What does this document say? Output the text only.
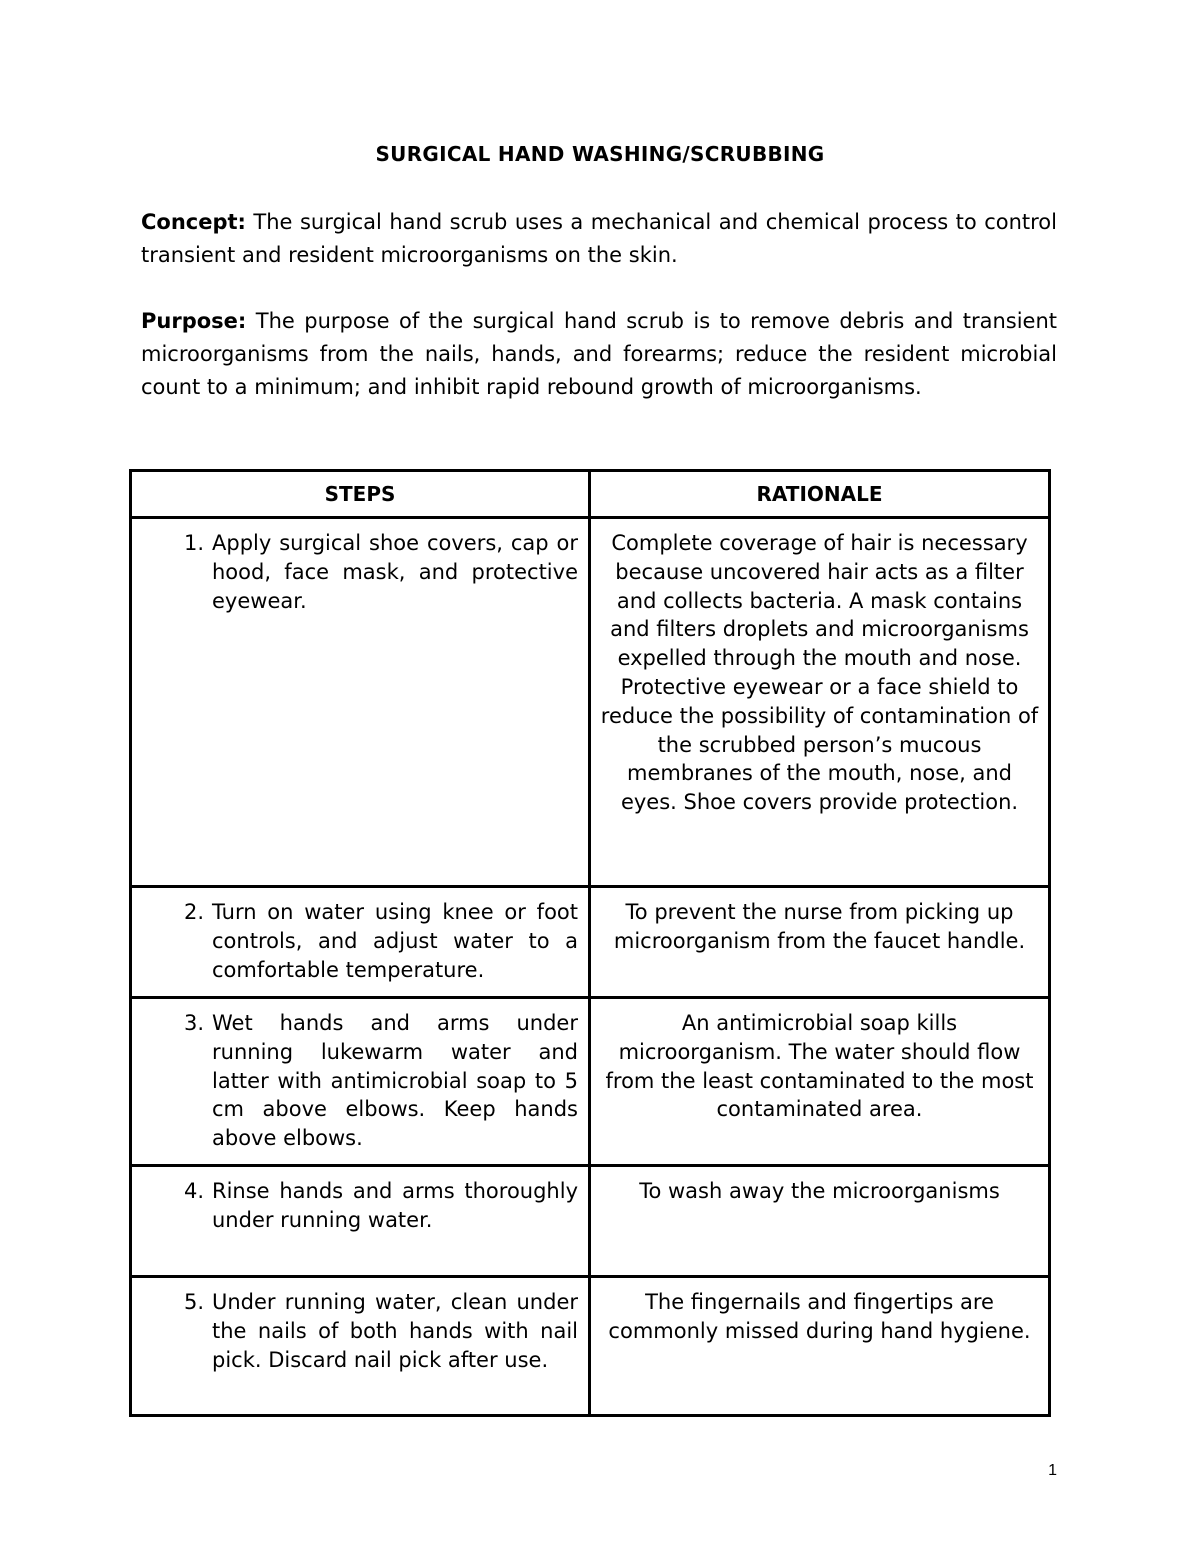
SURGICAL HAND WASHING/SCRUBBING
Concept: The surgical hand scrub uses a mechanical and chemical process to control transient and resident microorganisms on the skin.
Purpose: The purpose of the surgical hand scrub is to remove debris and transient microorganisms from the nails, hands, and forearms; reduce the resident microbial count to a minimum; and inhibit rapid rebound growth of microorganisms.
STEPS	RATIONALE

1. Apply surgical shoe covers, cap or hood, face mask, and protective eyewear.	Complete coverage of hair is necessary because uncovered hair acts as a filter and collects bacteria. A mask contains and filters droplets and microorganisms expelled through the mouth and nose. Protective eyewear or a face shield to reduce the possibility of contamination of the scrubbed person’s mucous membranes of the mouth, nose, and eyes. Shoe covers provide protection.

2. Turn on water using knee or foot controls, and adjust water to a comfortable temperature.	To prevent the nurse from picking up microorganism from the faucet handle.

3. Wet hands and arms under running lukewarm water and latter with antimicrobial soap to 5 cm above elbows. Keep hands above elbows.	An antimicrobial soap kills microorganism. The water should flow from the least contaminated to the most contaminated area.

4. Rinse hands and arms thoroughly under running water.	To wash away the microorganisms

5. Under running water, clean under the nails of both hands with nail pick. Discard nail pick after use.	The fingernails and fingertips are commonly missed during hand hygiene.
1
